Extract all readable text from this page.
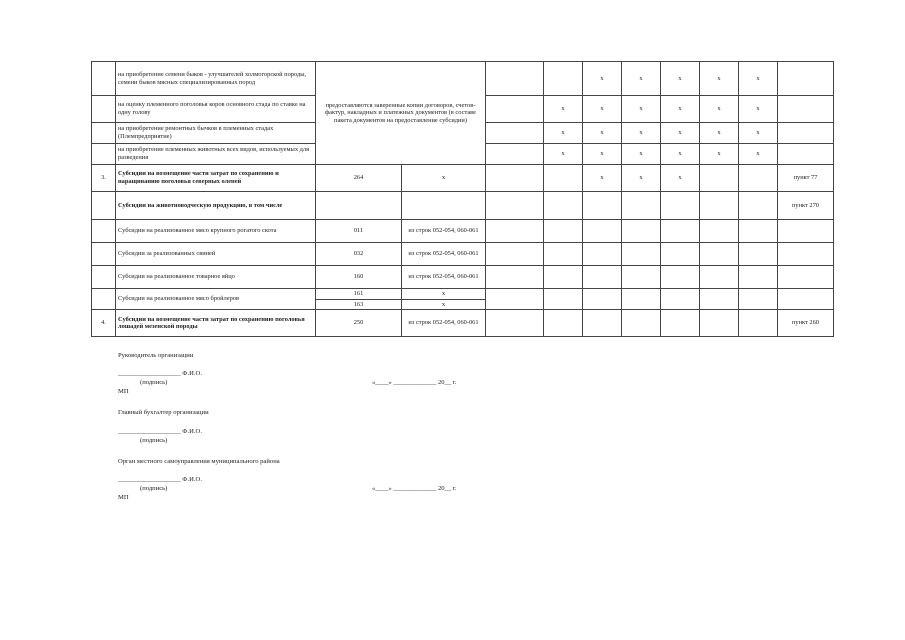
	на приобретение семени быков - улучшателей холмогорской породы, семени быков мясных специализированных пород	предоставляются заверенные копии договоров, счетов-фактур, накладных и платежных документов (в составе пакета документов на предоставление субсидии)				х	х	х	х	х	
	на оценку племенного поголовья коров основного стада по ставке на одну голову				х	х	х	х	х	х	
	на приобретение ремонтных бычков в племенных стадах (Племпредприятие)				х	х	х	х	х	х	
	на приобретение племенных животных всех видов, используемых для разведения				х	х	х	х	х	х	
3.	Субсидии на возмещение части затрат по сохранению и наращиванию поголовья северных оленей	264	х			х	х	х			пункт 77
	Субсидии на животноводческую продукцию, в том числе										пункт 270
	Субсидии на реализованное мясо крупного рогатого скота	011	из строк 052-054, 060-061								
	Субсидии за реализованных свиней	032	из строк 052-054, 060-061								
	Субсидии на реализованное товарное яйцо	160	из строк 052-054, 060-061								
	Субсидии на реализованное мясо бройлеров	161	х								
		163	х								
4.	Субсидии на возмещение части затрат по сохранению поголовья лошадей мезенской породы	250	из строк 052-054, 060-061								пункт 260
Руководитель организации
___________________ Ф.И.О.
(подпись)	«____» _____________ 20__ г.
МП
Главный бухгалтер организации
___________________ Ф.И.О.
(подпись)
Орган местного самоуправления муниципального района
___________________ Ф.И.О.
(подпись)	«____» _____________ 20__ г.
МП
